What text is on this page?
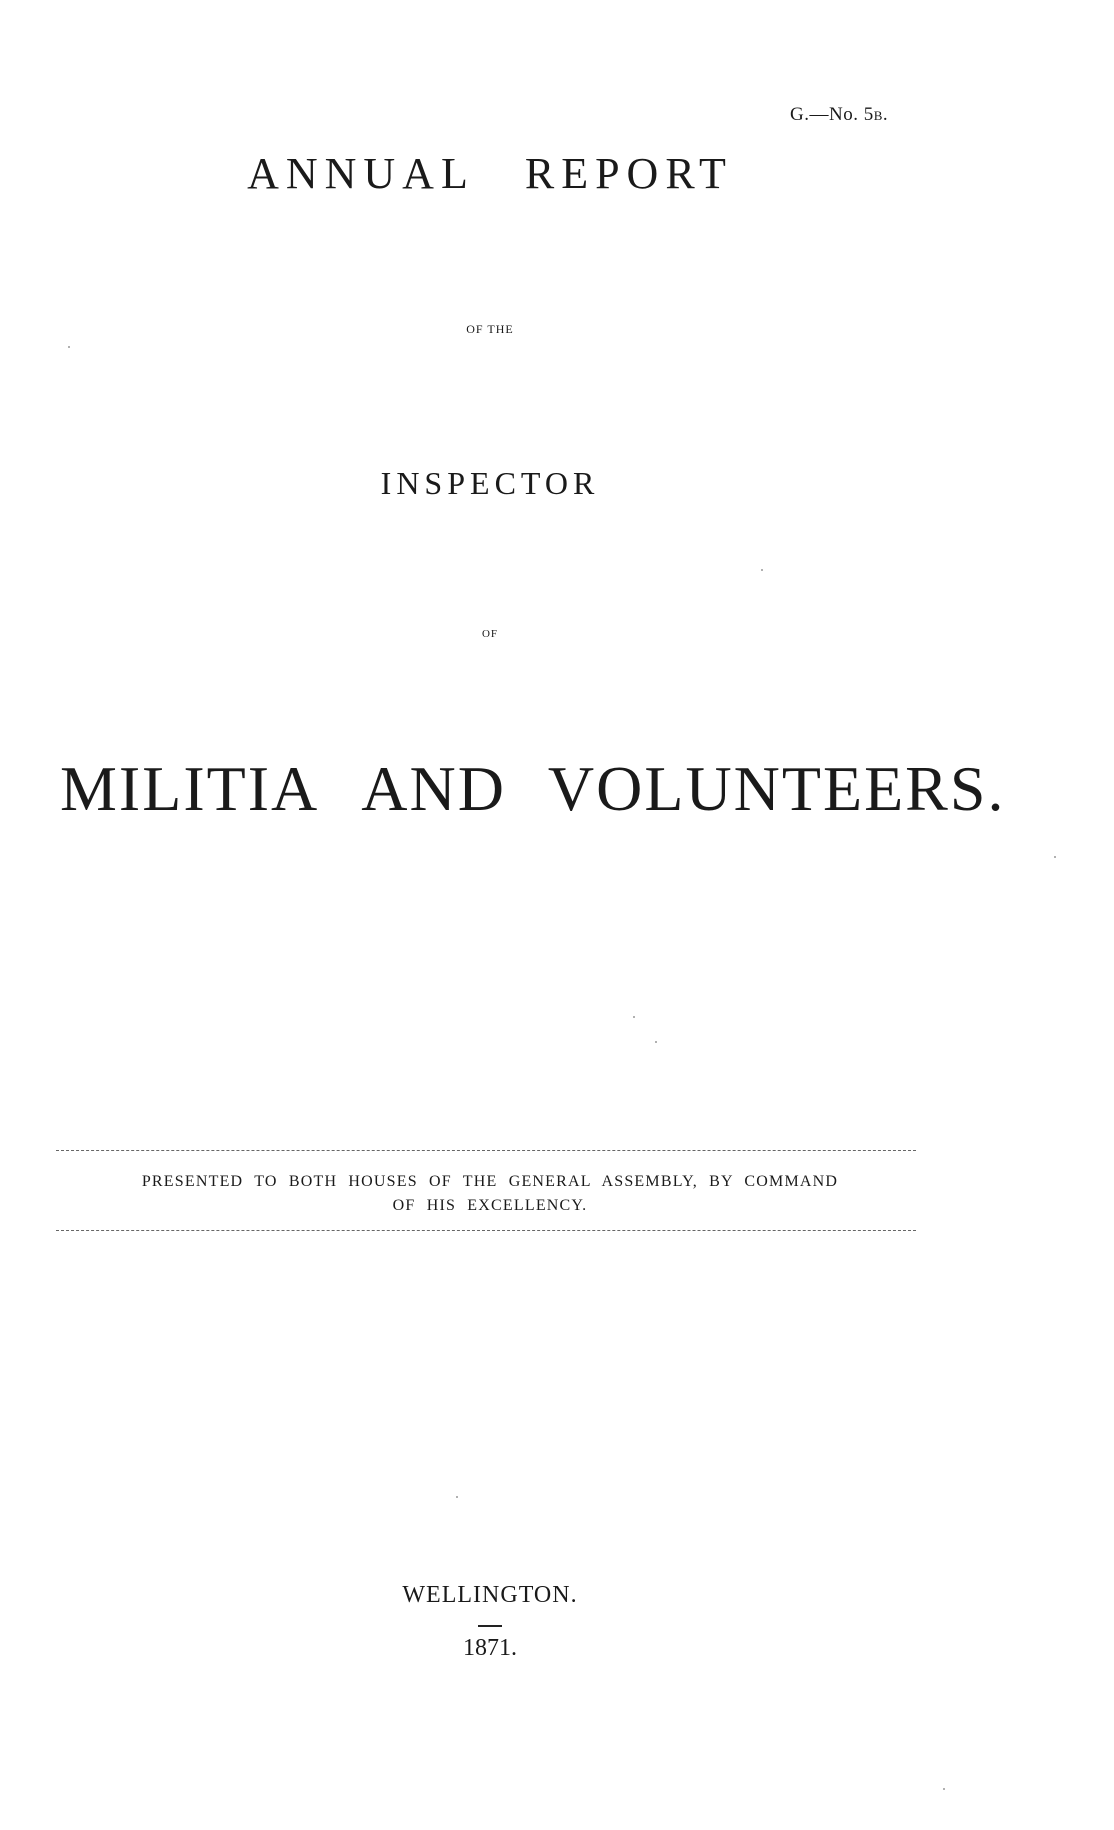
G.—No. 5B.
ANNUAL REPORT
OF THE
INSPECTOR
OF
MILITIA AND VOLUNTEERS.
PRESENTED TO BOTH HOUSES OF THE GENERAL ASSEMBLY, BY COMMAND
OF HIS EXCELLENCY.
WELLINGTON.
1871.
